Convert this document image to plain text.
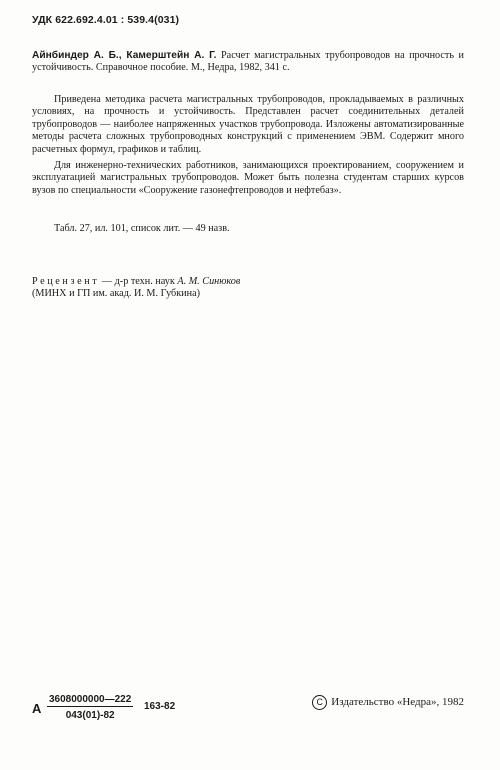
УДК 622.692.4.01 : 539.4(031)
Айнбиндер А. Б., Камерштейн А. Г. Расчет магистральных трубопроводов на прочность и устойчивость. Справочное пособие. М., Недра, 1982, 341 с.

Приведена методика расчета магистральных трубопроводов, прокладываемых в различных условиях, на прочность и устойчивость. Представлен расчет соединительных деталей трубопроводов — наиболее напряженных участков трубопровода. Изложены автоматизированные методы расчета сложных трубопроводных конструкций с применением ЭВМ. Содержит много расчетных формул, графиков и таблиц.

Для инженерно-технических работников, занимающихся проектированием, сооружением и эксплуатацией магистральных трубопроводов. Может быть полезна студентам старших курсов вузов по специальности «Сооружение газонефтепроводов и нефтебаз».

Табл. 27, ил. 101, список лит. — 49 назв.

Рецензент — д-р техн. наук А. М. Синюков
(МИНХ и ГП им. акад. И. М. Губкина)
А $\frac{3608000000—222}{043(01)-82} 163-82$	C Издательство «Недра», 1982
